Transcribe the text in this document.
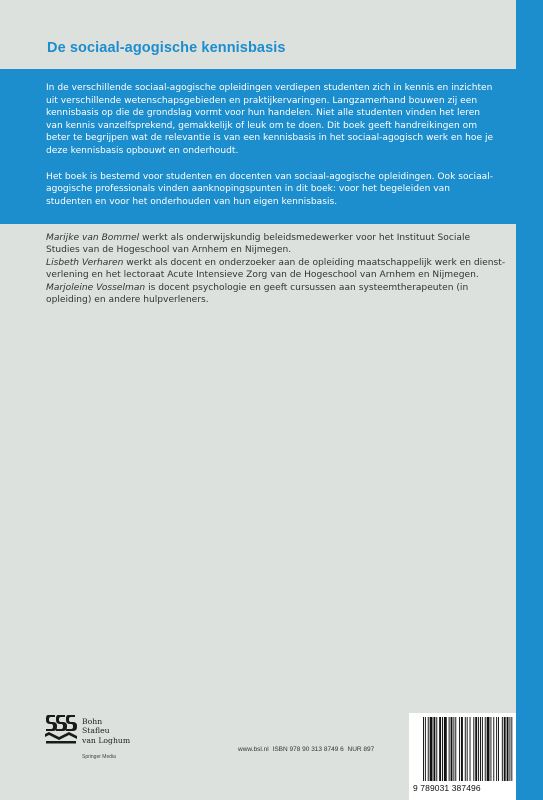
De sociaal-agogische kennisbasis

In de verschillende sociaal-agogische opleidingen verdiepen studenten zich in kennis en inzichten uit verschillende wetenschapsgebieden en praktijkervaringen. Langzamerhand bouwen zij een kennisbasis op die de grondslag vormt voor hun handelen. Niet alle studenten vinden het leren van kennis vanzelfsprekend, gemakkelijk of leuk om te doen. Dit boek geeft handreikingen om beter te begrijpen wat de relevantie is van een kennisbasis in het sociaal-agogisch werk en hoe je deze kennisbasis opbouwt en onderhoudt.

Het boek is bestemd voor studenten en docenten van sociaal-agogische opleidingen. Ook sociaal-agogische professionals vinden aanknopingspunten in dit boek: voor het begeleiden van studenten en voor het onderhouden van hun eigen kennisbasis.

Marijke van Bommel werkt als onderwijskundig beleidsmedewerker voor het Instituut Sociale Studies van de Hogeschool van Arnhem en Nijmegen.

Lisbeth Verharen werkt als docent en onderzoeker aan de opleiding maatschappelijk werk en dienstverlening en het lectoraat Acute Intensieve Zorg van de Hogeschool van Arnhem en Nijmegen.

Marjoleine Vosselman is docent psychologie en geeft cursussen aan systeemtherapeuten (in opleiding) en andere hulpverleners.

Bohn
Stafleu
van Loghum
Springer Media
www.bsl.nl ISBN 978 90 313 8749 6 NUR 897
9 789031 387496
